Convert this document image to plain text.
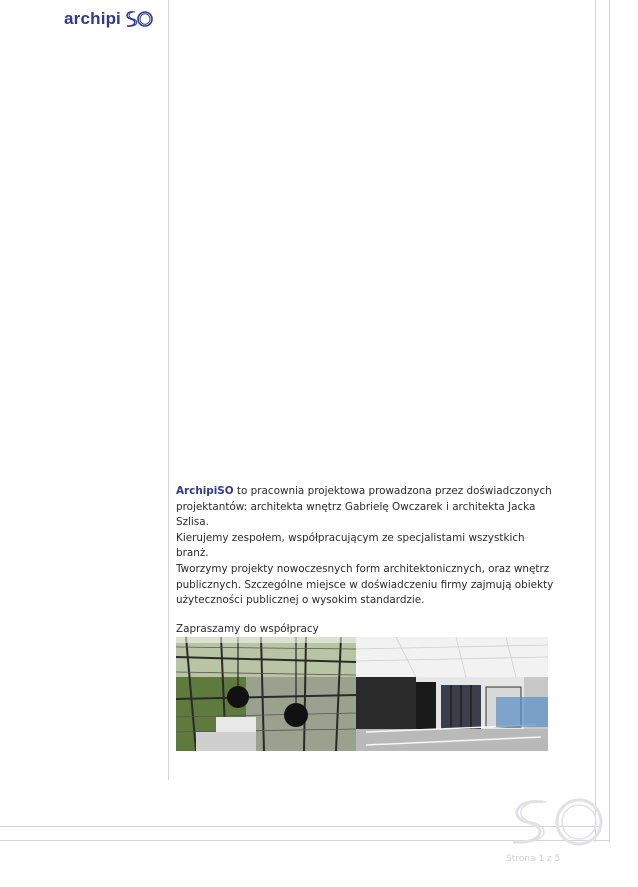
archi pi

ArchipiSO to pracownia projektowa prowadzona przez doświadczonych
projektantów: architekta wnętrz Gabrielę Owczarek i architekta Jacka Szlisa.
Kierujemy zespołem, współpracującym ze specjalistami wszystkich branż.
Tworzymy projekty nowoczesnych form architektonicznych, oraz wnętrz
publicznych. Szczególne miejsce w doświadczeniu firmy zajmują obiekty
użyteczności publicznej o wysokim standardzie.

Zapraszamy do współpracy

Strona 1 z 5
